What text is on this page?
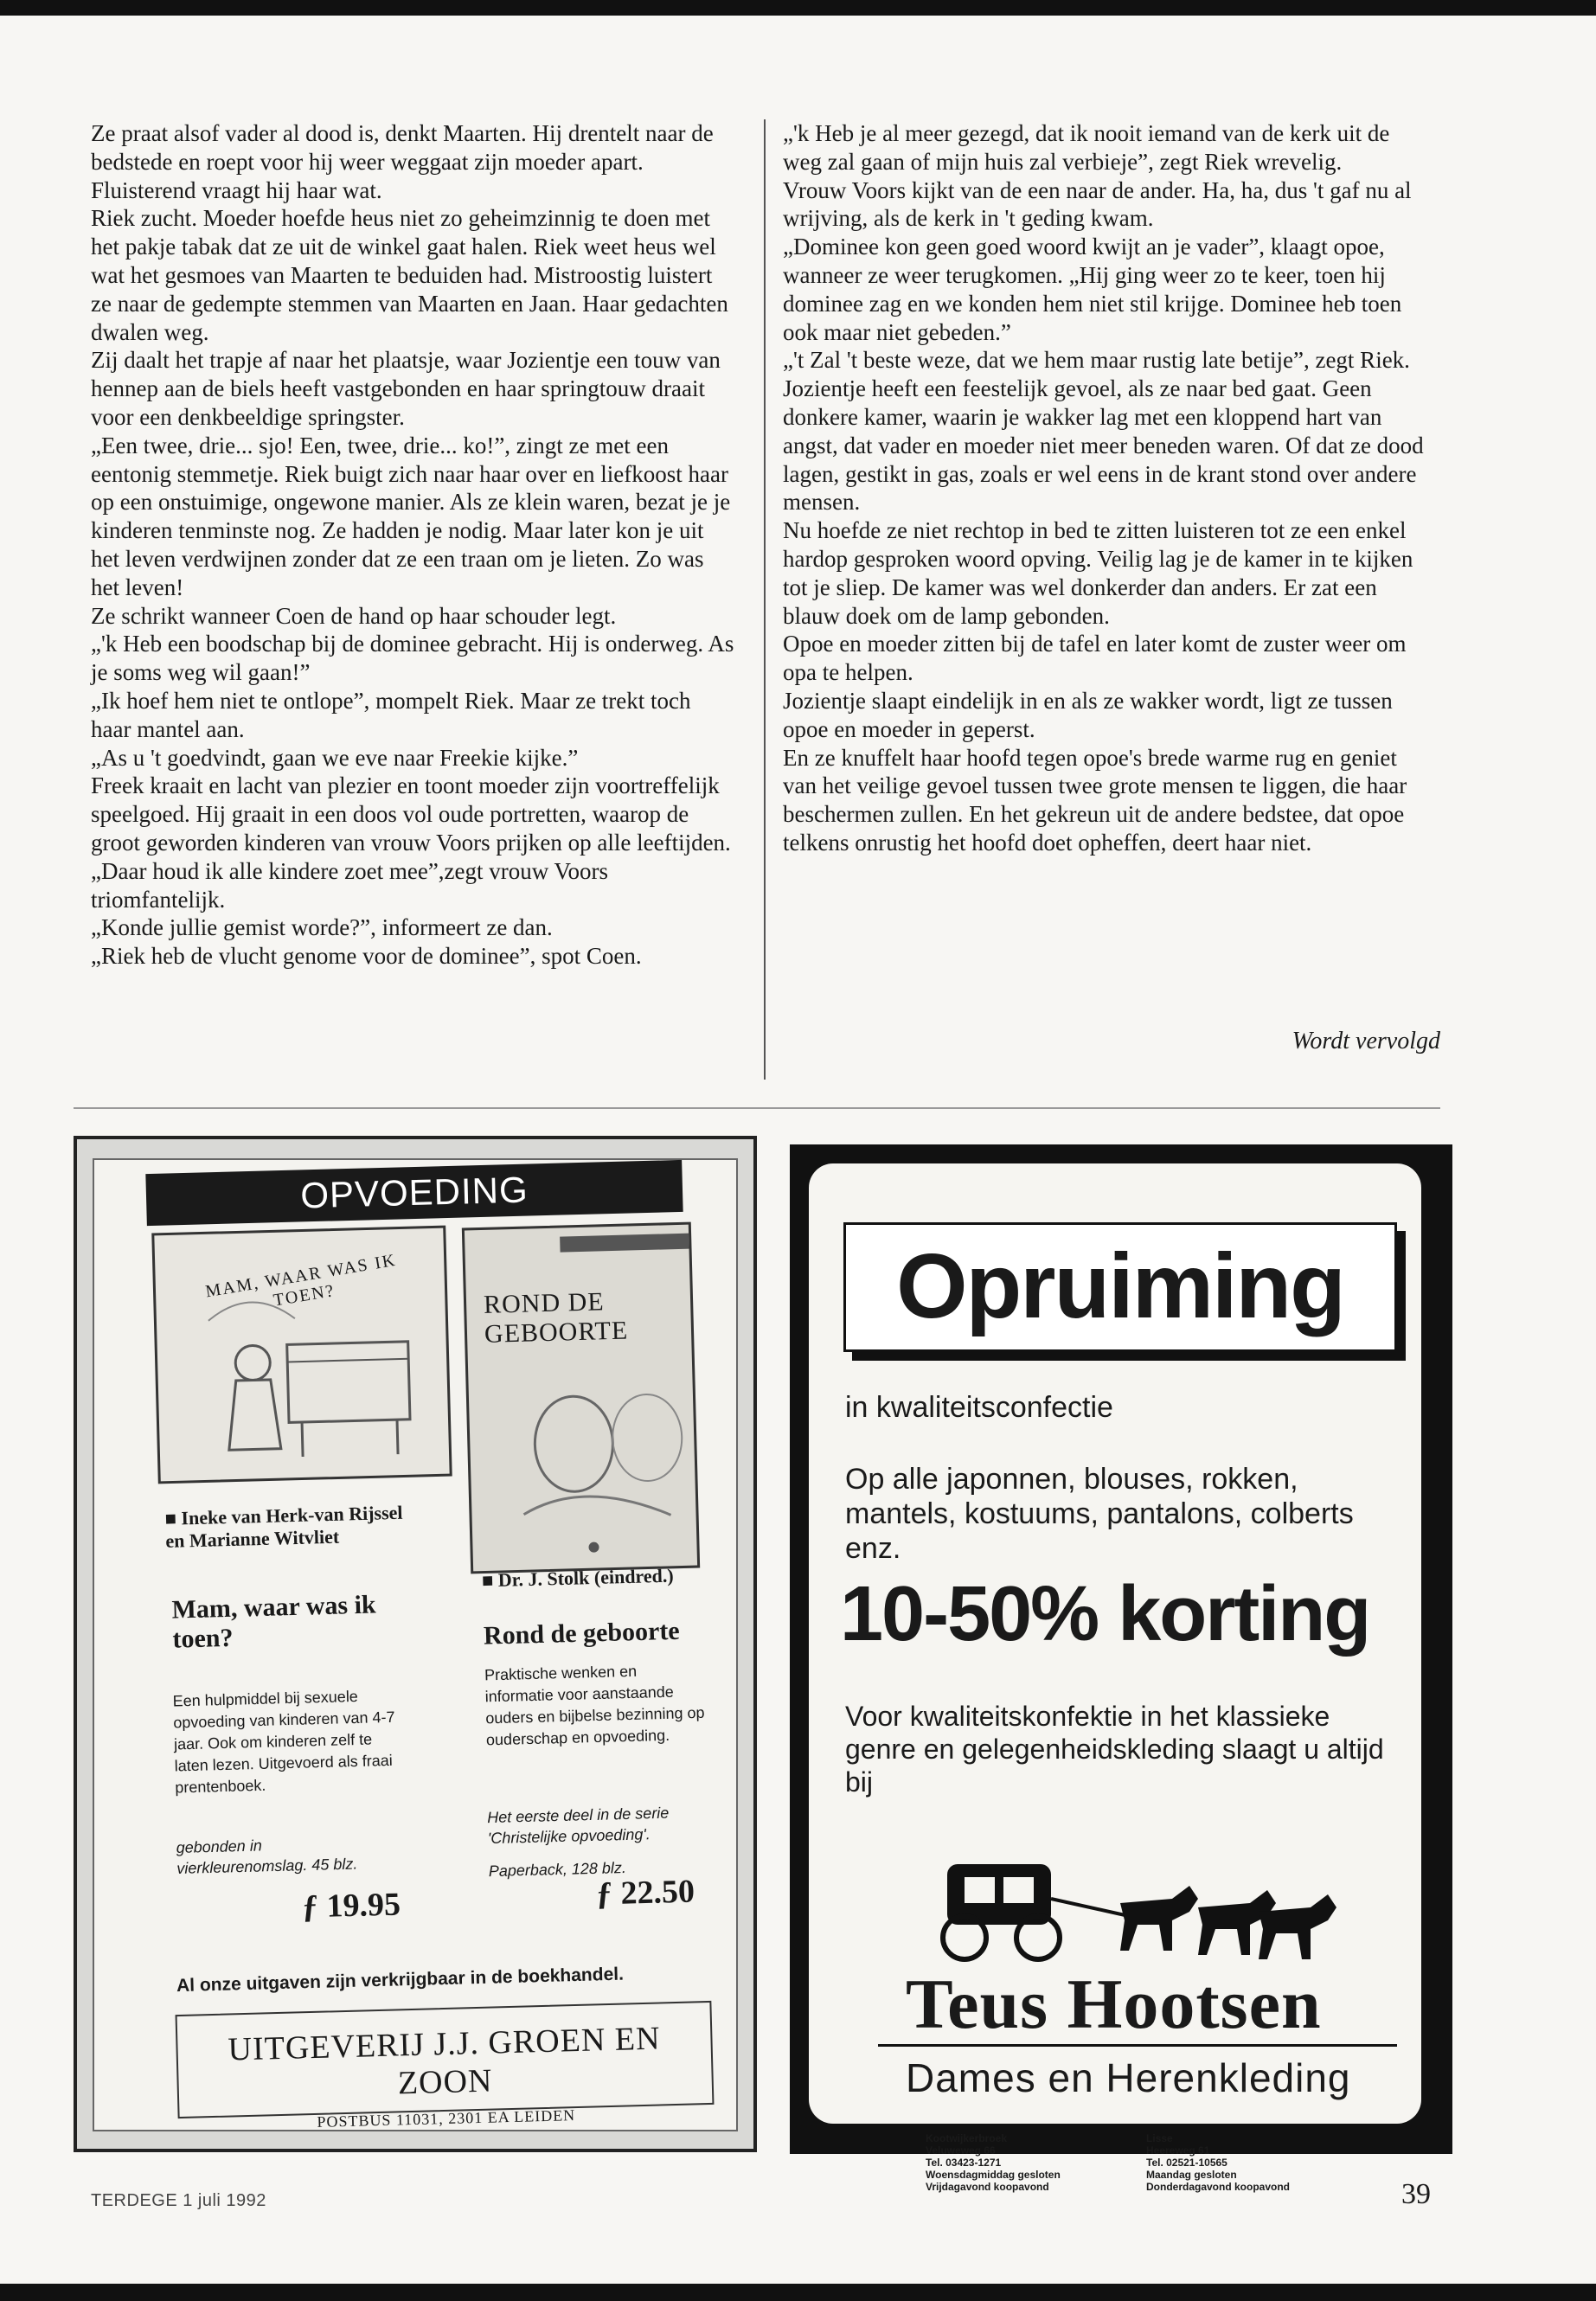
Ze praat alsof vader al dood is, denkt Maarten. Hij drentelt naar de bedstede en roept voor hij weer weggaat zijn moeder apart. Fluisterend vraagt hij haar wat.

Riek zucht. Moeder hoefde heus niet zo geheimzinnig te doen met het pakje tabak dat ze uit de winkel gaat halen. Riek weet heus wel wat het gesmoes van Maarten te beduiden had. Mistroostig luistert ze naar de gedempte stemmen van Maarten en Jaan. Haar gedachten dwalen weg.

Zij daalt het trapje af naar het plaatsje, waar Jozientje een touw van hennep aan de biels heeft vastgebonden en haar springtouw draait voor een denkbeeldige springster.

„Een twee, drie... sjo! Een, twee, drie... ko!”, zingt ze met een eentonig stemmetje. Riek buigt zich naar haar over en liefkoost haar op een onstuimige, ongewone manier. Als ze klein waren, bezat je je kinderen tenminste nog. Ze hadden je nodig. Maar later kon je uit het leven verdwijnen zonder dat ze een traan om je lieten. Zo was het leven!

Ze schrikt wanneer Coen de hand op haar schouder legt.

„'k Heb een boodschap bij de dominee gebracht. Hij is onderweg. As je soms weg wil gaan!”

„Ik hoef hem niet te ontlope”, mompelt Riek. Maar ze trekt toch haar mantel aan.

„As u 't goedvindt, gaan we eve naar Freekie kijke.”

Freek kraait en lacht van plezier en toont moeder zijn voortreffelijk speelgoed. Hij graait in een doos vol oude portretten, waarop de groot geworden kinderen van vrouw Voors prijken op alle leeftijden.

„Daar houd ik alle kindere zoet mee”,zegt vrouw Voors triomfantelijk.

„Konde jullie gemist worde?”, informeert ze dan.

„Riek heb de vlucht genome voor de dominee”, spot Coen.

„'k Heb je al meer gezegd, dat ik nooit iemand van de kerk uit de weg zal gaan of mijn huis zal verbieje”, zegt Riek wrevelig.

Vrouw Voors kijkt van de een naar de ander. Ha, ha, dus 't gaf nu al wrijving, als de kerk in 't geding kwam.

„Dominee kon geen goed woord kwijt an je vader”, klaagt opoe, wanneer ze weer terugkomen. „Hij ging weer zo te keer, toen hij dominee zag en we konden hem niet stil krijge. Dominee heb toen ook maar niet gebeden.”

„'t Zal 't beste weze, dat we hem maar rustig late betije”, zegt Riek.

Jozientje heeft een feestelijk gevoel, als ze naar bed gaat. Geen donkere kamer, waarin je wakker lag met een kloppend hart van angst, dat vader en moeder niet meer beneden waren. Of dat ze dood lagen, gestikt in gas, zoals er wel eens in de krant stond over andere mensen.

Nu hoefde ze niet rechtop in bed te zitten luisteren tot ze een enkel hardop gesproken woord opving. Veilig lag je de kamer in te kijken tot je sliep. De kamer was wel donkerder dan anders. Er zat een blauw doek om de lamp gebonden.

Opoe en moeder zitten bij de tafel en later komt de zuster weer om opa te helpen.

Jozientje slaapt eindelijk in en als ze wakker wordt, ligt ze tussen opoe en moeder in geperst.

En ze knuffelt haar hoofd tegen opoe's brede warme rug en geniet van het veilige gevoel tussen twee grote mensen te liggen, die haar beschermen zullen. En het gekreun uit de andere bedstee, dat opoe telkens onrustig het hoofd doet opheffen, deert haar niet.

Wordt vervolgd
OPVOEDING
MAM, WAAR WAS IK TOEN?	ROND DE GEBOORTE
■ Ineke van Herk-van Rijssel en Marianne Witvliet
Mam, waar was ik toen?
Een hulpmiddel bij sexuele opvoeding van kinderen van 4-7 jaar. Ook om kinderen zelf te laten lezen. Uitgevoerd als fraai prentenboek.
gebonden in vierkleurenomslag. 45 blz.
ƒ 19.95
■ Dr. J. Stolk (eindred.)
Rond de geboorte
Praktische wenken en informatie voor aanstaande ouders en bijbelse bezinning op ouderschap en opvoeding.
Het eerste deel in de serie 'Christelijke opvoeding'.
Paperback, 128 blz.
ƒ 22.50
Al onze uitgaven zijn verkrijgbaar in de boekhandel.
UITGEVERIJ J.J. GROEN EN ZOON
POSTBUS 11031, 2301 EA LEIDEN
Opruiming
in kwaliteitsconfectie
Op alle japonnen, blouses, rokken, mantels, kostuums, pantalons, colberts enz.
10-50% korting
Voor kwaliteitskonfektie in het klassieke genre en gelegenheidskleding slaagt u altijd bij
Teus Hootsen
Dames en Herenkleding
Kootwijkerbroek
Veluweweg 66
Tel. 03423-1271
Woensdagmiddag gesloten
Vrijdagavond koopavond
Lisse
Heereweg 61
Tel. 02521-10565
Maandag gesloten
Donderdagavond koopavond
TERDEGE 1 juli 1992	39
